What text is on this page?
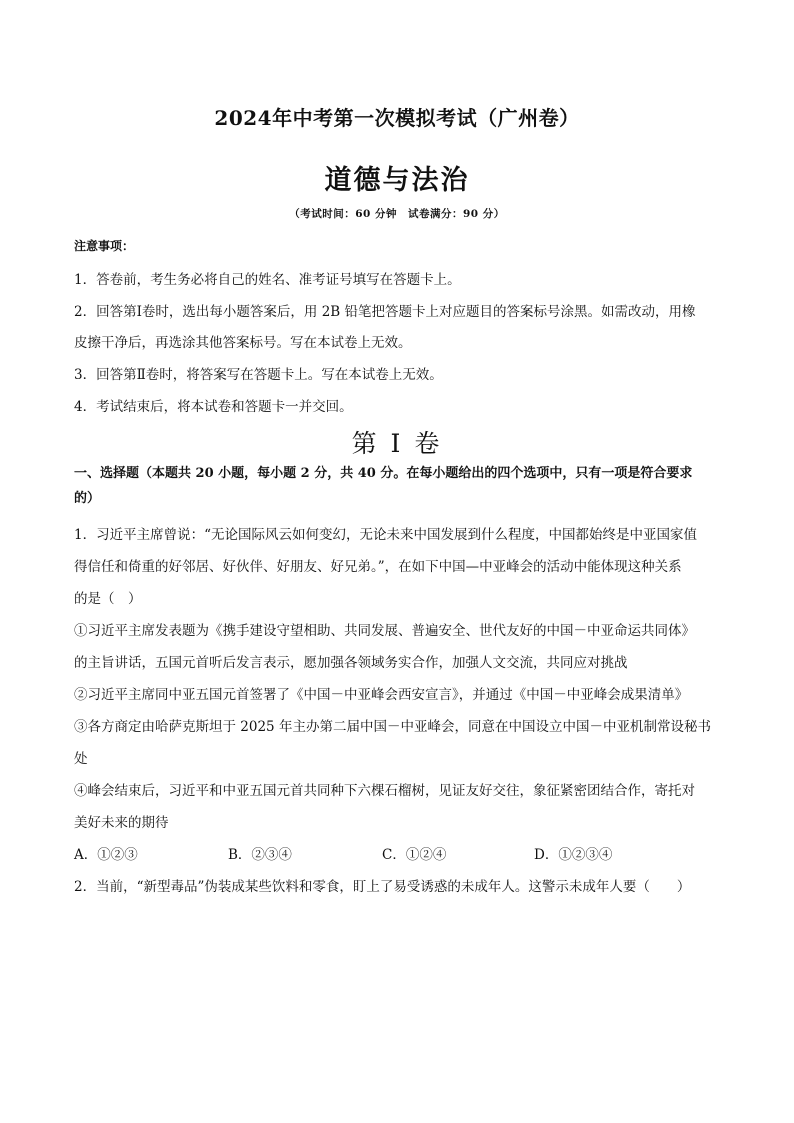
2024年中考第一次模拟考试（广州卷）
道德与法治
（考试时间：60 分钟　试卷满分：90 分）
注意事项：
1．答卷前，考生务必将自己的姓名、准考证号填写在答题卡上。
2．回答第Ⅰ卷时，选出每小题答案后，用 2B 铅笔把答题卡上对应题目的答案标号涂黑。如需改动，用橡
皮擦干净后，再选涂其他答案标号。写在本试卷上无效。
3．回答第Ⅱ卷时，将答案写在答题卡上。写在本试卷上无效。
4．考试结束后，将本试卷和答题卡一并交回。
第 I 卷
一、选择题（本题共 20 小题，每小题 2 分，共 40 分。在每小题给出的四个选项中，只有一项是符合要求
的）
1．习近平主席曾说：“无论国际风云如何变幻，无论未来中国发展到什么程度，中国都始终是中亚国家值
得信任和倚重的好邻居、好伙伴、好朋友、好兄弟。”，在如下中国—中亚峰会的活动中能体现这种关系
的是（　）
①习近平主席发表题为《携手建设守望相助、共同发展、普遍安全、世代友好的中国－中亚命运共同体》
的主旨讲话，五国元首听后发言表示，愿加强各领域务实合作，加强人文交流，共同应对挑战
②习近平主席同中亚五国元首签署了《中国－中亚峰会西安宣言》，并通过《中国－中亚峰会成果清单》
③各方商定由哈萨克斯坦于 2025 年主办第二届中国－中亚峰会，同意在中国设立中国－中亚机制常设秘书
处
④峰会结束后，习近平和中亚五国元首共同种下六棵石榴树，见证友好交往，象征紧密团结合作，寄托对
美好未来的期待
A．①②③	B．②③④	C．①②④	D．①②③④
2．当前，“新型毒品”伪装成某些饮料和零食，盯上了易受诱惑的未成年人。这警示未成年人要（　　）
